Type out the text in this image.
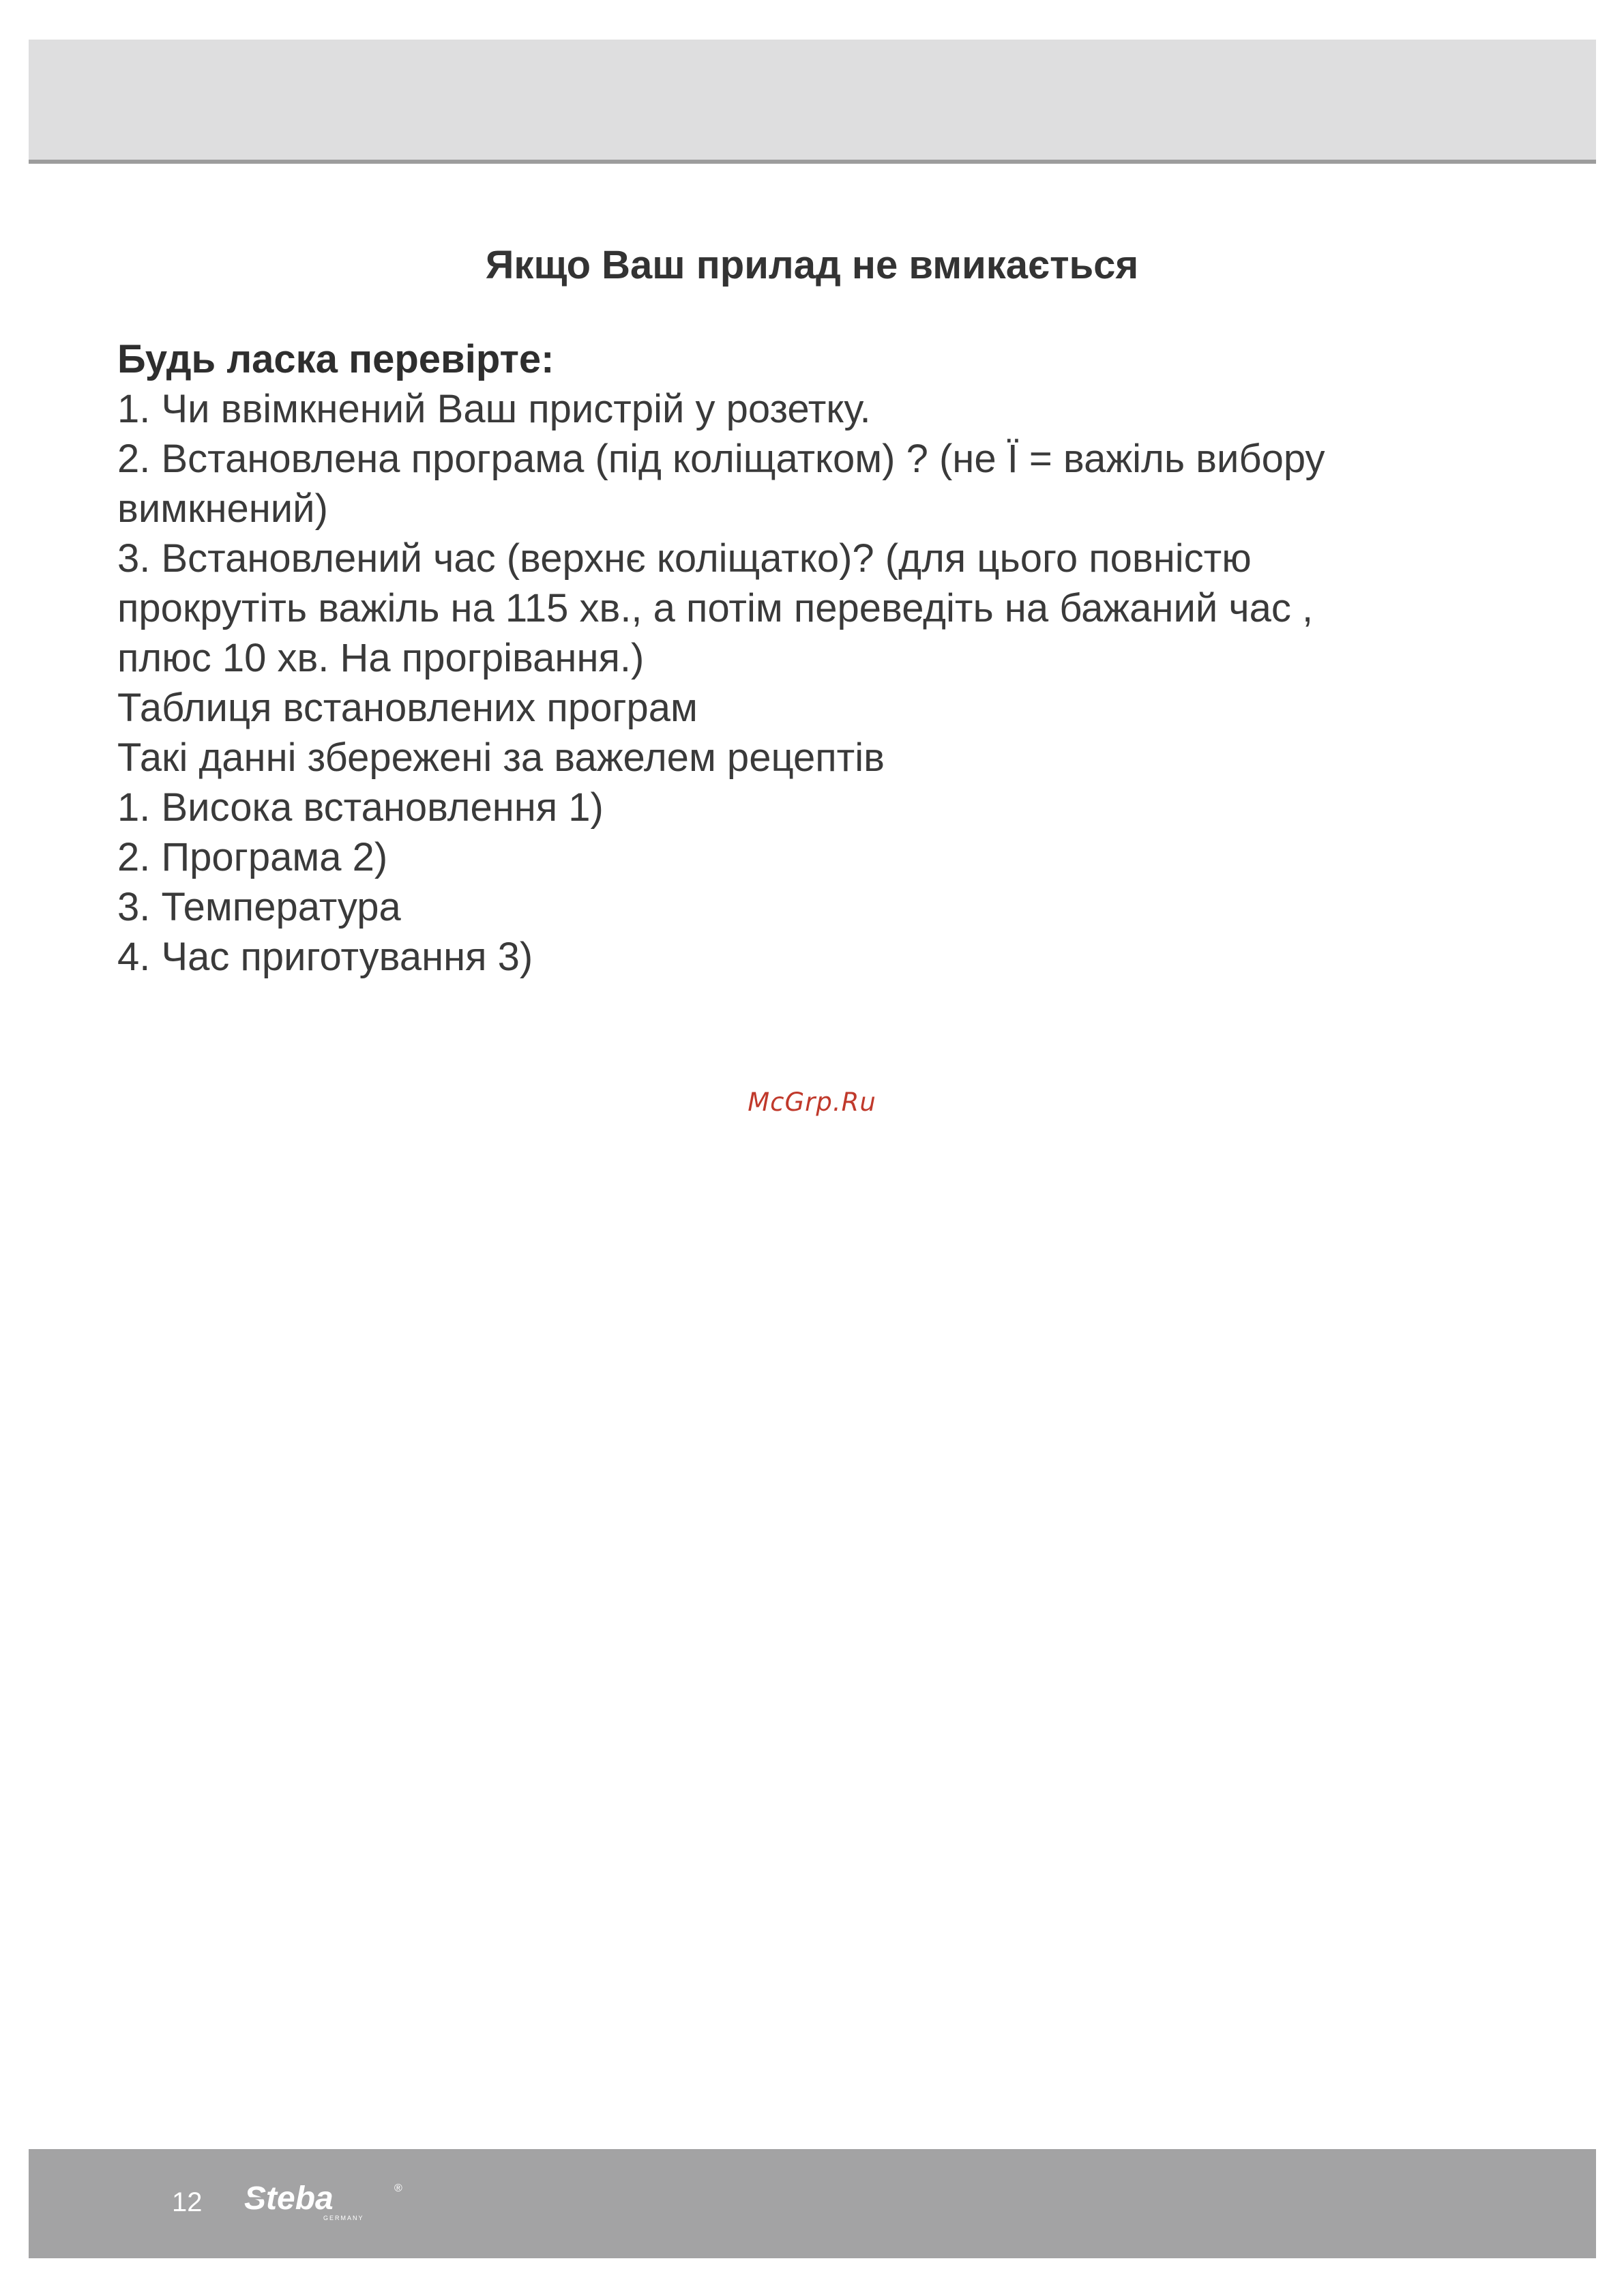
Якщо Ваш прилад не вмикається

Будь ласка перевірте:

1. Чи ввімкнений Ваш пристрій у розетку.

2. Встановлена програма (під коліщатком) ? (не Ї = важіль вибору

вимкнений)

3. Встановлений час (верхнє коліщатко)? (для цього повністю

прокрутіть важіль на 115 хв., а потім переведіть на бажаний час ,

плюс 10 хв. На прогрівання.)

Таблиця встановлених програм

Такі данні збережені за важелем рецептів

1. Висока встановлення 1)

2. Програма 2)

3. Температура

4. Час приготування 3)

McGrp.Ru
12 Steba	®
GERMANY
